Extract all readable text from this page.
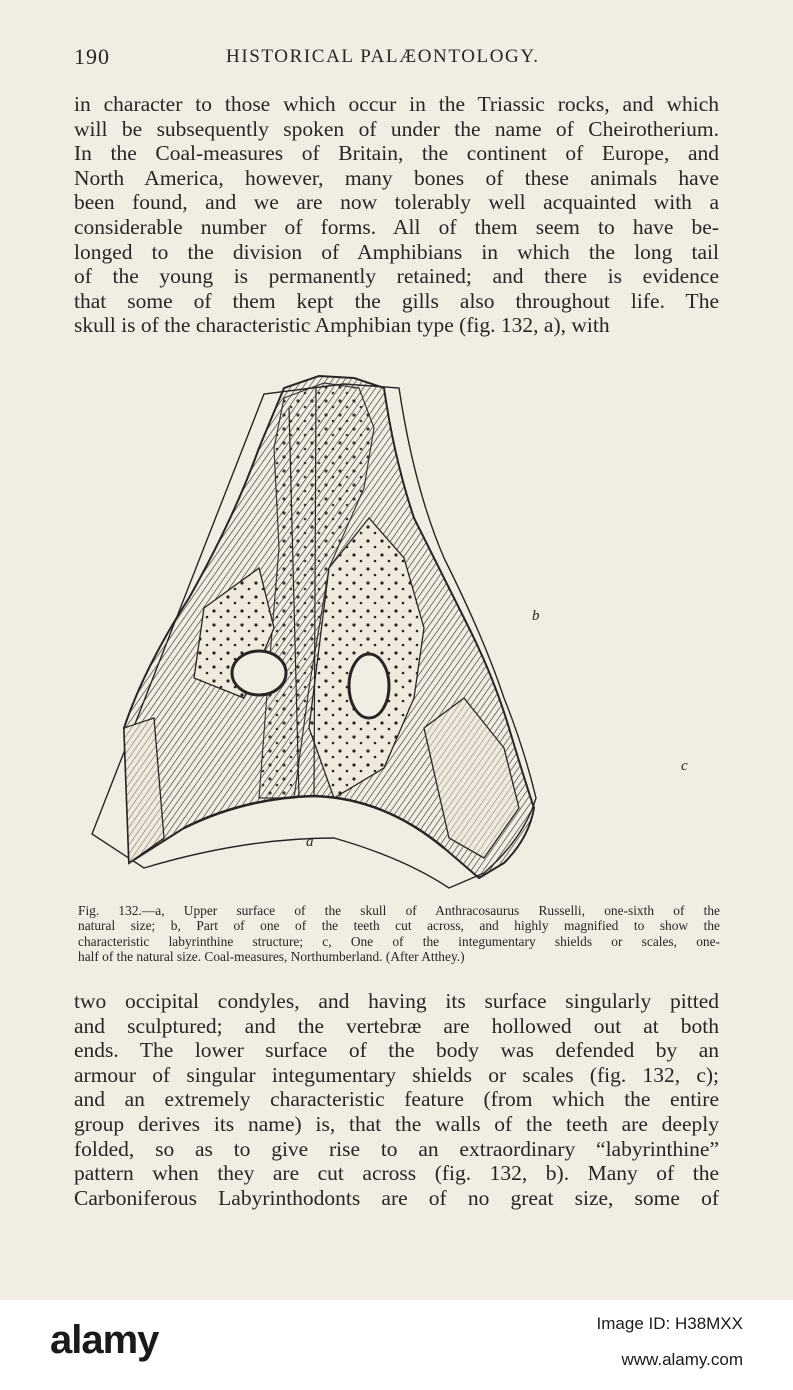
190	HISTORICAL PALÆONTOLOGY.
in character to those which occur in the Triassic rocks, and which
will be subsequently spoken of under the name of Cheirotherium.
In the Coal-measures of Britain, the continent of Europe, and
North America, however, many bones of these animals have
been found, and we are now tolerably well acquainted with a
considerable number of forms. All of them seem to have be-
longed to the division of Amphibians in which the long tail
of the young is permanently retained; and there is evidence
that some of them kept the gills also throughout life. The
skull is of the characteristic Amphibian type (fig. 132, a), with
a
b
c
Fig. 132.—a, Upper surface of the skull of Anthracosaurus Russelli, one-sixth of the
natural size; b, Part of one of the teeth cut across, and highly magnified to show the
characteristic labyrinthine structure; c, One of the integumentary shields or scales, one-
half of the natural size. Coal-measures, Northumberland. (After Atthey.)
two occipital condyles, and having its surface singularly pitted
and sculptured; and the vertebræ are hollowed out at both
ends. The lower surface of the body was defended by an
armour of singular integumentary shields or scales (fig. 132, c);
and an extremely characteristic feature (from which the entire
group derives its name) is, that the walls of the teeth are deeply
folded, so as to give rise to an extraordinary “labyrinthine”
pattern when they are cut across (fig. 132, b). Many of the
Carboniferous Labyrinthodonts are of no great size, some of
alamy	Image ID: H38MXX
www.alamy.com
